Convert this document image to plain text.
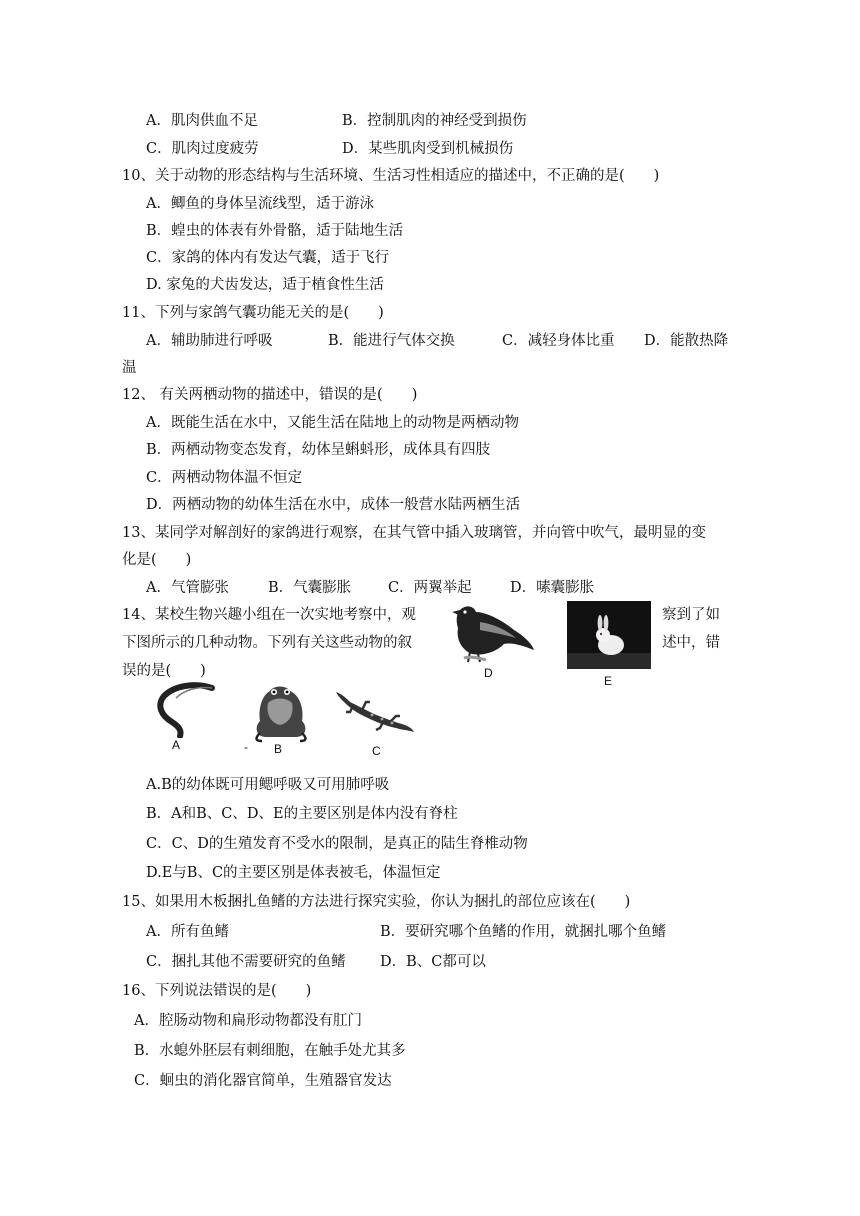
A．肌肉供血不足	B．控制肌肉的神经受到损伤
C．肌肉过度疲劳	D．某些肌肉受到机械损伤
10、关于动物的形态结构与生活环境、生活习性相适应的描述中，不正确的是(　　)
A．鲫鱼的身体呈流线型，适于游泳
B．蝗虫的体表有外骨骼，适于陆地生活
C．家鸽的体内有发达气囊，适于飞行
D. 家兔的犬齿发达，适于植食性生活
11、下列与家鸽气囊功能无关的是(　　)
A．辅助肺进行呼吸	B．能进行气体交换	C．减轻身体比重 D．能散热降
温
12、 有关两栖动物的描述中，错误的是(　　)
A．既能生活在水中，又能生活在陆地上的动物是两栖动物
B．两栖动物变态发育，幼体呈蝌蚪形，成体具有四肢
C．两栖动物体温不恒定
D．两栖动物的幼体生活在水中，成体一般营水陆两栖生活
13、某同学对解剖好的家鸽进行观察，在其气管中插入玻璃管，并向管中吹气，最明显的变
化是(　　)
A．气管膨张	B．气囊膨胀	C．两翼举起	D．嗉囊膨胀
14、某校生物兴趣小组在一次实地考察中，观	察到了如
下图所示的几种动物。下列有关这些动物的叙	述中，错
误的是(　　)	D
E
A	‐ B	C
A.B的幼体既可用鳃呼吸又可用肺呼吸
B．A和B、C、D、E的主要区别是体内没有脊柱
C．C、D的生殖发育不受水的限制，是真正的陆生脊椎动物
D.E与B、C的主要区别是体表被毛，体温恒定
15、如果用木板捆扎鱼鳍的方法进行探究实验，你认为捆扎的部位应该在(　　)
A．所有鱼鳍	B．要研究哪个鱼鳍的作用，就捆扎哪个鱼鳍
C．捆扎其他不需要研究的鱼鳍 D．B、C都可以
16、下列说法错误的是(　　)
A．腔肠动物和扁形动物都没有肛门
B．水螅外胚层有刺细胞，在触手处尤其多
C．蛔虫的消化器官简单，生殖器官发达
